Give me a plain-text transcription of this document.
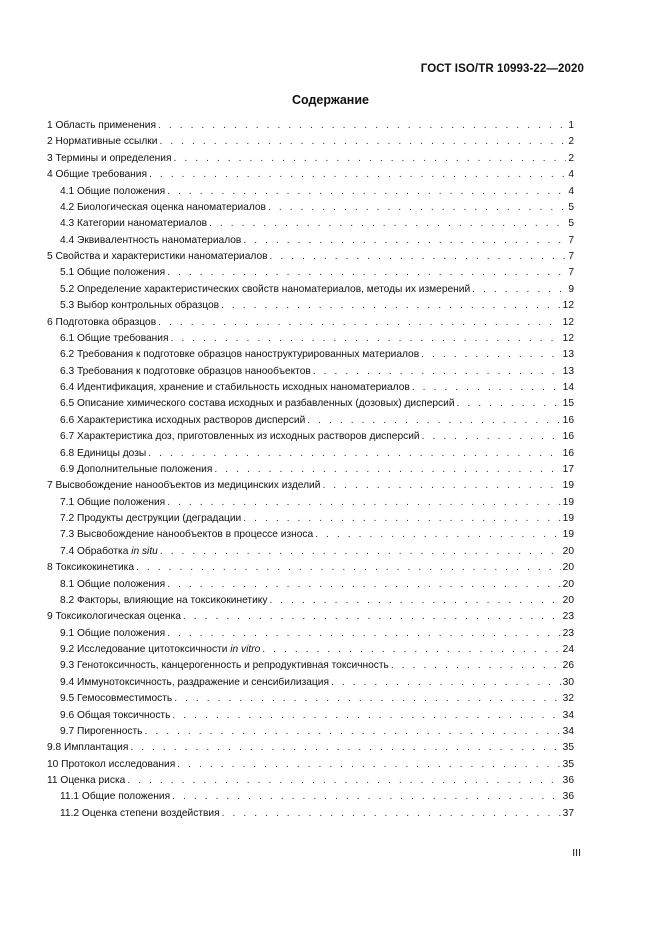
ГОСТ ISO/TR 10993-22—2020
Содержание
1 Область применения . . .	1
2 Нормативные ссылки . . .	2
3 Термины и определения . . .	2
4 Общие требования . . .	4
4.1 Общие положения . . .	4
4.2 Биологическая оценка наноматериалов . . .	5
4.3 Категории наноматериалов . . .	5
4.4 Эквивалентность наноматериалов . . .	7
5 Свойства и характеристики наноматериалов . . .	7
5.1 Общие положения . . .	7
5.2 Определение характеристических свойств наноматериалов, методы их измерений . . .	9
5.3 Выбор контрольных образцов . . .	12
6 Подготовка образцов . . .	12
6.1 Общие требования . . .	12
6.2 Требования к подготовке образцов наноструктурированных материалов . . .	13
6.3 Требования к подготовке образцов нанообъектов . . .	13
6.4 Идентификация, хранение и стабильность исходных наноматериалов . . .	14
6.5 Описание химического состава исходных и разбавленных (дозовых) дисперсий . . .	15
6.6 Характеристика исходных растворов дисперсий . . .	16
6.7 Характеристика доз, приготовленных из исходных растворов дисперсий . . .	16
6.8 Единицы дозы . . .	16
6.9 Дополнительные положения . . .	17
7 Высвобождение нанообъектов из медицинских изделий . . .	19
7.1 Общие положения . . .	19
7.2 Продукты деструкции (деградации . . .	19
7.3 Высвобождение нанообъектов в процессе износа . . .	19
7.4 Обработка in situ . . .	20
8 Токсикокинетика . . .	20
8.1 Общие положения . . .	20
8.2 Факторы, влияющие на токсикокинетику . . .	20
9 Токсикологическая оценка . . .	23
9.1 Общие положения . . .	23
9.2 Исследование цитотоксичности in vitro . . .	24
9.3 Генотоксичность, канцерогенность и репродуктивная токсичность . . .	26
9.4 Иммунотоксичность, раздражение и сенсибилизация . . .	30
9.5 Гемосовместимость . . .	32
9.6 Общая токсичность . . .	34
9.7 Пирогенность . . .	34
9.8 Имплантация . . .	35
10 Протокол исследования . . .	35
11 Оценка риска . . .	36
11.1 Общие положения . . .	36
11.2 Оценка степени воздействия . . .	37
III
